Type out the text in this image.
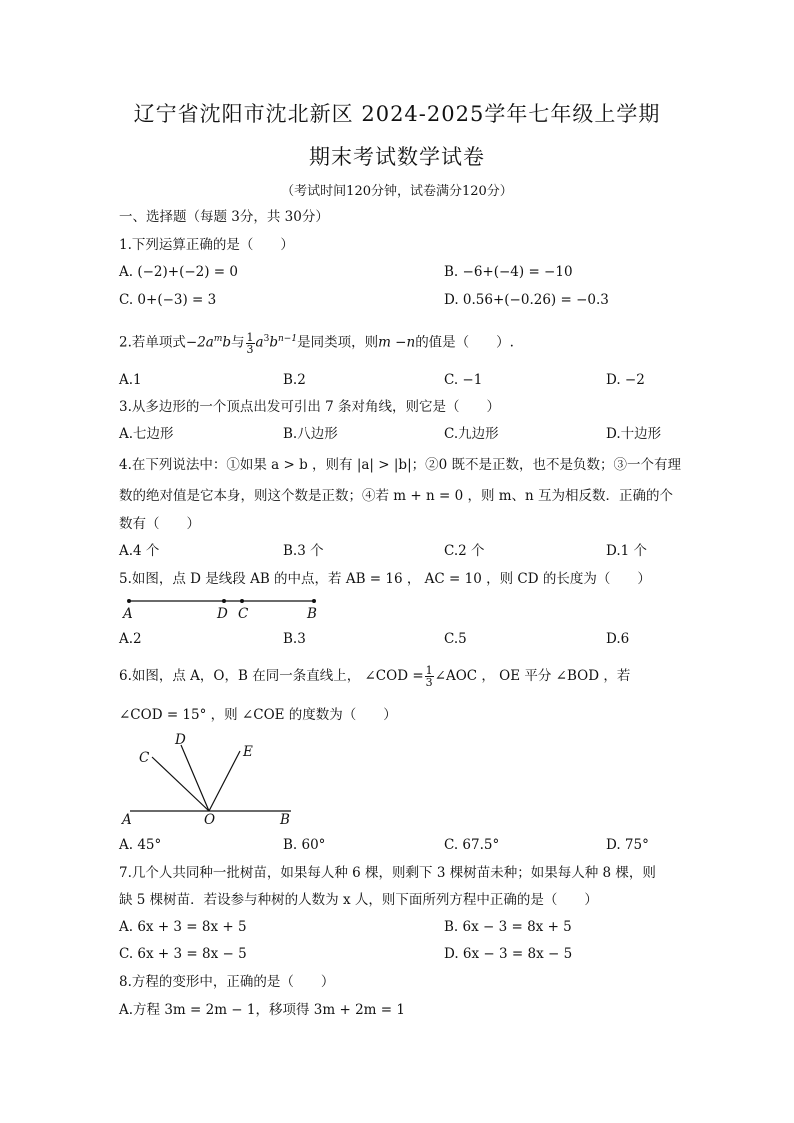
辽宁省沈阳市沈北新区 2024-2025学年七年级上学期
期末考试数学试卷
（考试时间120分钟，试卷满分120分）
一、选择题（每题 3分，共 30分）
1.下列运算正确的是（　　）
A. (−2)+(−2) = 0	B. −6+(−4) = −10
C. 0+(−3) = 3	D. 0.56+(−0.26) = −0.3
2.若单项式$-2a^mb$与 $\frac{1}{3} a^3b^{n-1}$是同类项，则m −n的值是（　　）.
A.1	B.2	C. −1	D. −2
3.从多边形的一个顶点出发可引出 7 条对角线，则它是（　　）
A.七边形	B.八边形	C.九边形	D.十边形
4.在下列说法中：①如果 a > b ，则有 |a| > |b|；②0 既不是正数，也不是负数；③一个有理
数的绝对值是它本身，则这个数是正数；④若 m + n = 0 ，则 m、n 互为相反数．正确的个
数有（　　）
A.4 个	B.3 个	C.2 个	D.1 个
5.如图，点 D 是线段 AB 的中点，若 AB = 16 ， AC = 10 ，则 CD 的长度为（　　）
A	D C	B
A.2	B.3	C.5	D.6
6.如图，点 A，O，B 在同一条直线上， ∠COD = $\frac{1}{3}$ ∠AOC ， OE 平分 ∠BOD ，若
∠COD = 15° ，则 ∠COE 的度数为（　　）
A	O	B
C
D
E
A. 45°	B. 60°	C. 67.5°	D. 75°
7.几个人共同种一批树苗，如果每人种 6 棵，则剩下 3 棵树苗未种；如果每人种 8 棵，则
缺 5 棵树苗．若设参与种树的人数为 x 人，则下面所列方程中正确的是（　　）
A. 6x + 3 = 8x + 5	B. 6x − 3 = 8x + 5
C. 6x + 3 = 8x − 5	D. 6x − 3 = 8x − 5
8.方程的变形中，正确的是（　　）
A.方程 3m = 2m − 1，移项得 3m + 2m = 1
